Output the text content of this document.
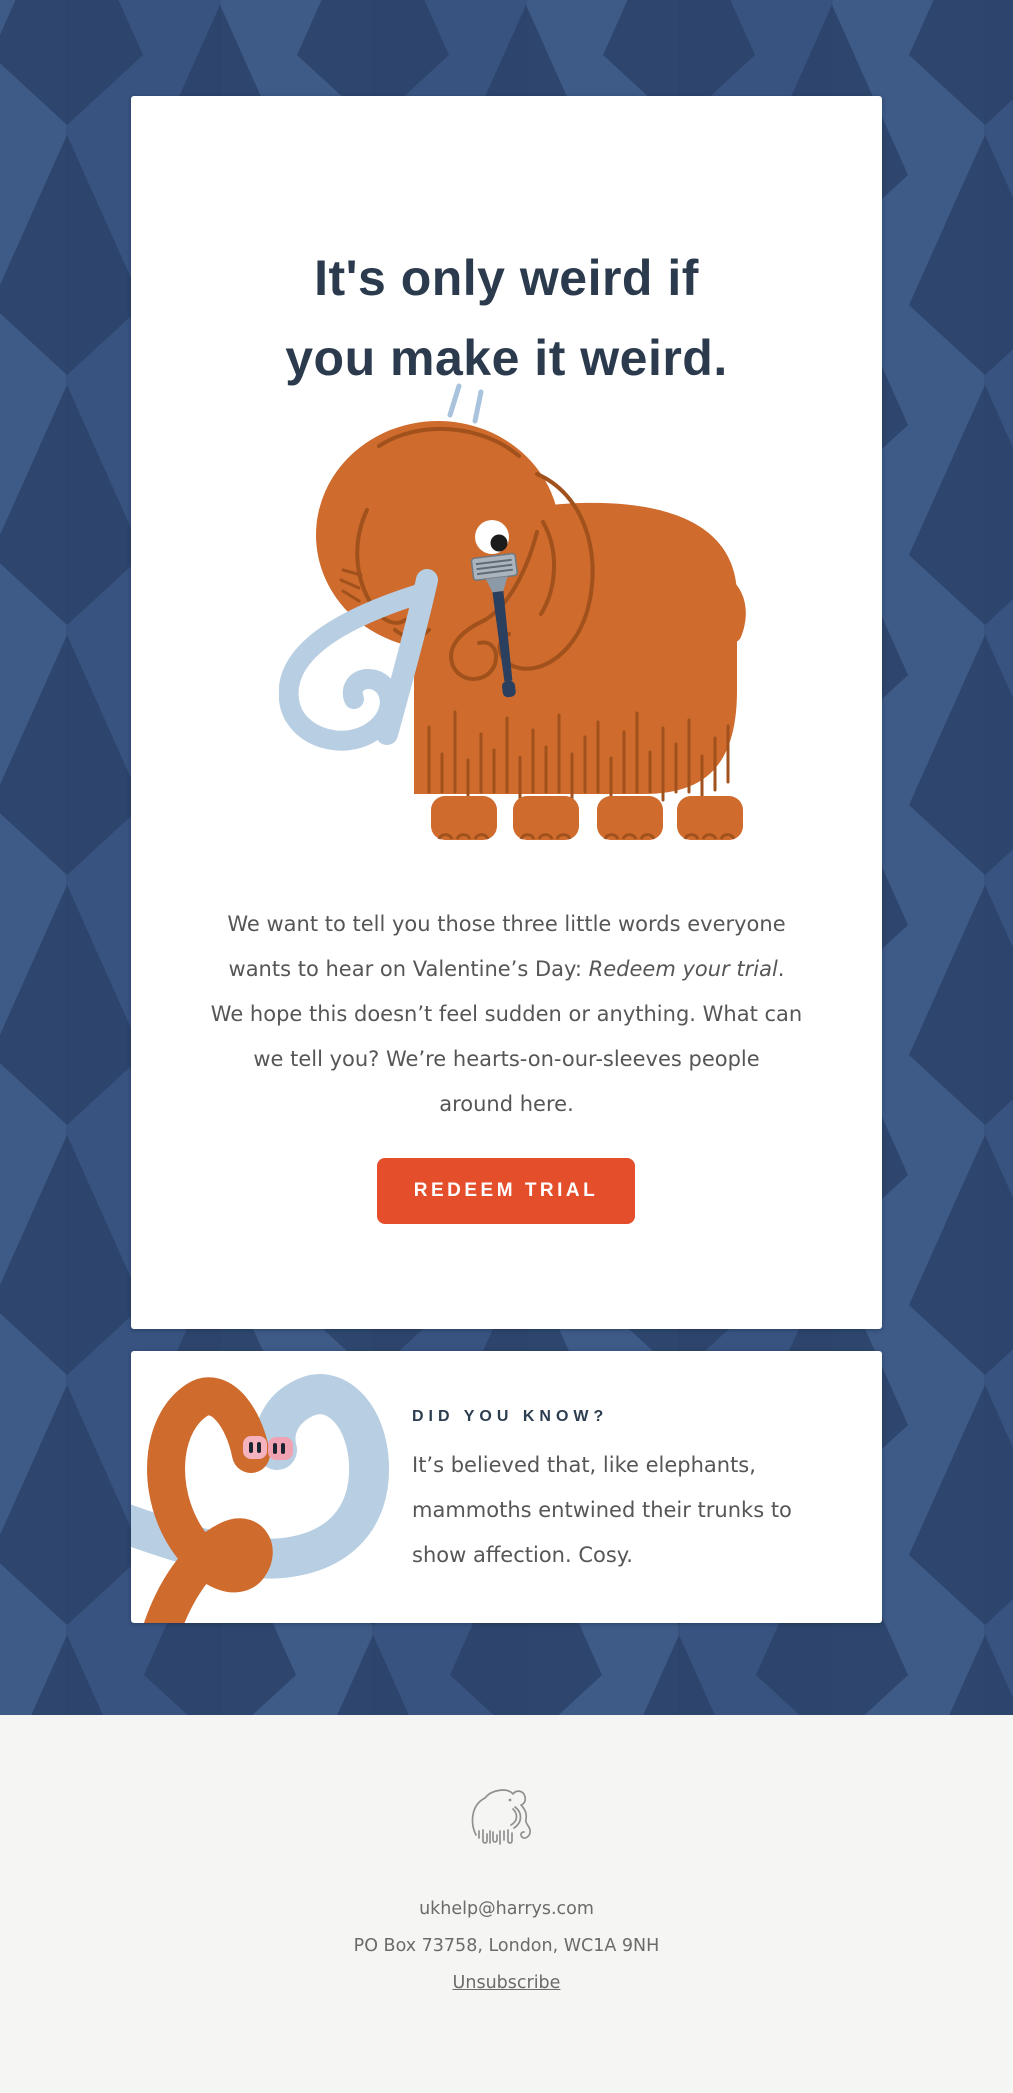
It's only weird if
you make it weird.
We want to tell you those three little words everyone
wants to hear on Valentine’s Day: Redeem your trial.
We hope this doesn’t feel sudden or anything. What can
we tell you? We’re hearts-on-our-sleeves people
around here.
REDEEM TRIAL
DID YOU KNOW?
It’s believed that, like elephants,
mammoths entwined their trunks to
show affection. Cosy.
ukhelp@harrys.com
PO Box 73758, London, WC1A 9NH
Unsubscribe
